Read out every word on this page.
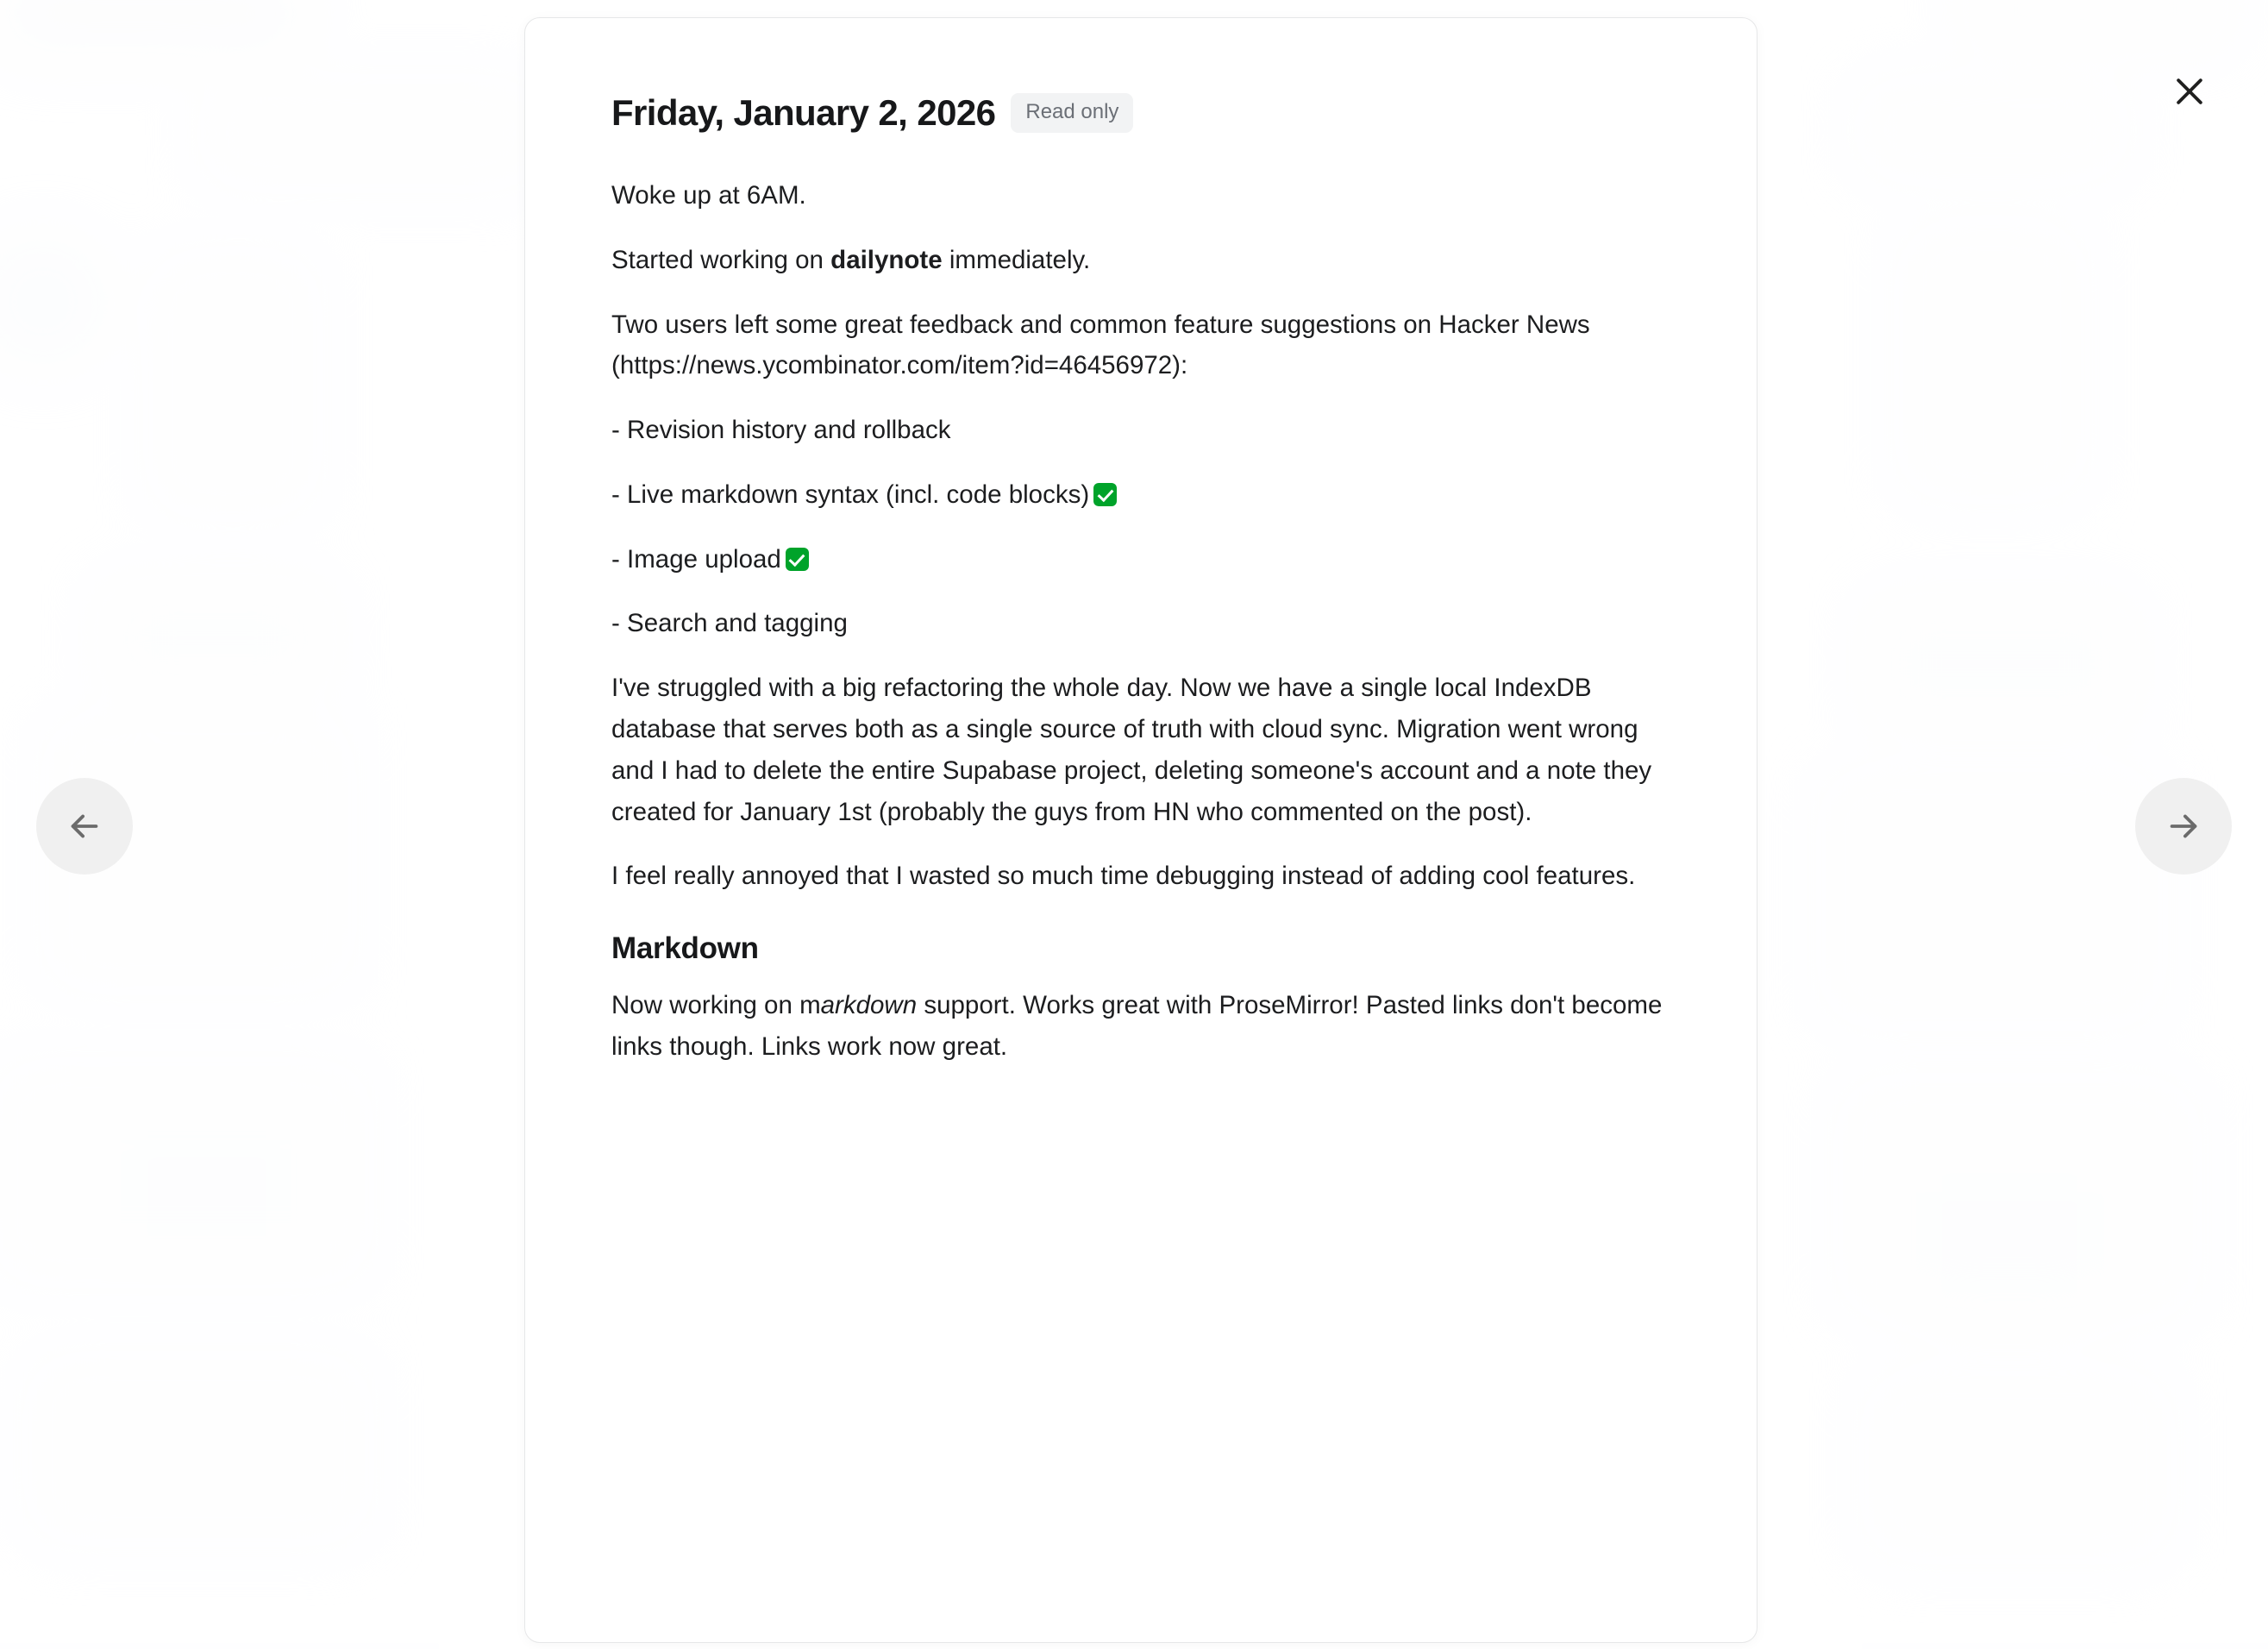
Friday, January 2, 2026	Read only

Woke up at 6AM.

Started working on dailynote immediately.

Two users left some great feedback and common feature suggestions on Hacker News (https://news.ycombinator.com/item?id=46456972):

- Revision history and rollback

- Live markdown syntax (incl. code blocks)

- Image upload

- Search and tagging

I've struggled with a big refactoring the whole day. Now we have a single local IndexDB database that serves both as a single source of truth with cloud sync. Migration went wrong and I had to delete the entire Supabase project, deleting someone's account and a note they created for January 1st (probably the guys from HN who commented on the post).

I feel really annoyed that I wasted so much time debugging instead of adding cool features.

Markdown

Now working on markdown support. Works great with ProseMirror! Pasted links don't become links though. Links work now great.
